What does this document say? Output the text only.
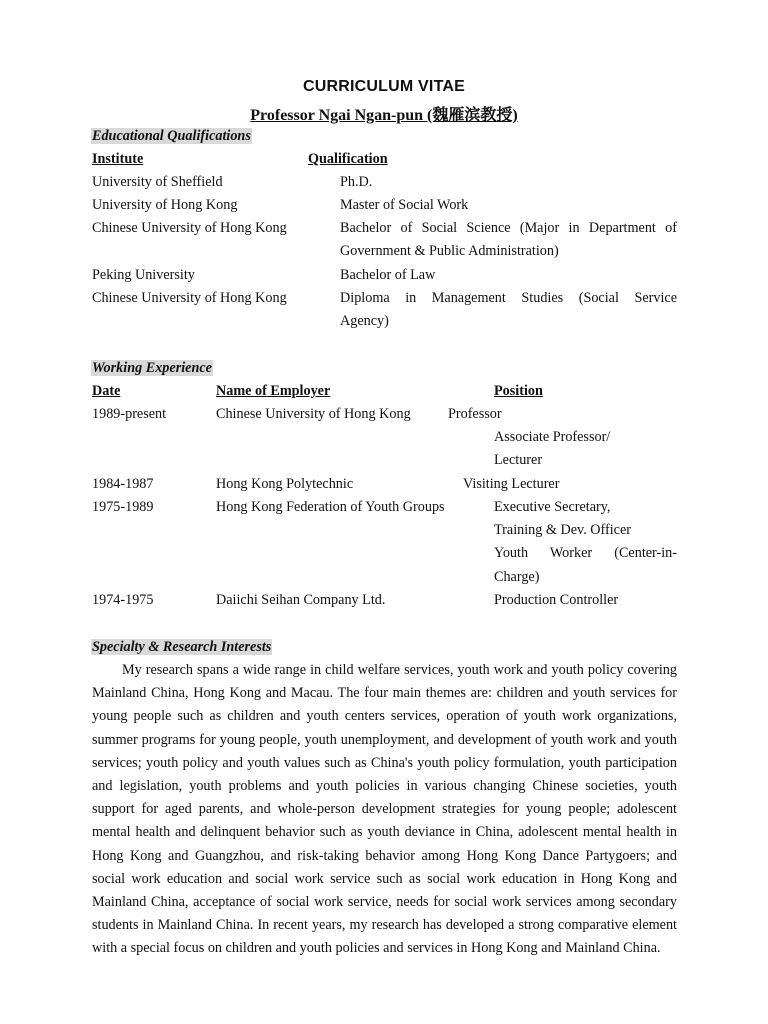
CURRICULUM VITAE
Professor Ngai Ngan-pun (魏雁滨教授)
Educational Qualifications
Institute	Qualification
University of Sheffield	Ph.D.
University of Hong Kong	Master of Social Work
Chinese University of Hong Kong	Bachelor of Social Science (Major in Department of
Government & Public Administration)
Peking University	Bachelor of Law
Chinese University of Hong Kong	Diploma in Management Studies (Social Service
Agency)
Working Experience
Date	Name of Employer	Position
1989-present	Chinese University of Hong Kong	Professor
Associate Professor/
Lecturer
1984-1987	Hong Kong Polytechnic	Visiting Lecturer
1975-1989	Hong Kong Federation of Youth Groups	Executive Secretary,
Training & Dev. Officer
Youth Worker (Center-in-
Charge)
1974-1975	Daiichi Seihan Company Ltd.	Production Controller
Specialty & Research Interests
My research spans a wide range in child welfare services, youth work and youth policy covering Mainland China, Hong Kong and Macau. The four main themes are: children and youth services for young people such as children and youth centers services, operation of youth work organizations, summer programs for young people, youth unemployment, and development of youth work and youth services; youth policy and youth values such as China's youth policy formulation, youth participation and legislation, youth problems and youth policies in various changing Chinese societies, youth support for aged parents, and whole-person development strategies for young people; adolescent mental health and delinquent behavior such as youth deviance in China, adolescent mental health in Hong Kong and Guangzhou, and risk-taking behavior among Hong Kong Dance Partygoers; and social work education and social work service such as social work education in Hong Kong and Mainland China, acceptance of social work service, needs for social work services among secondary students in Mainland China. In recent years, my research has developed a strong comparative element with a special focus on children and youth policies and services in Hong Kong and Mainland China.
